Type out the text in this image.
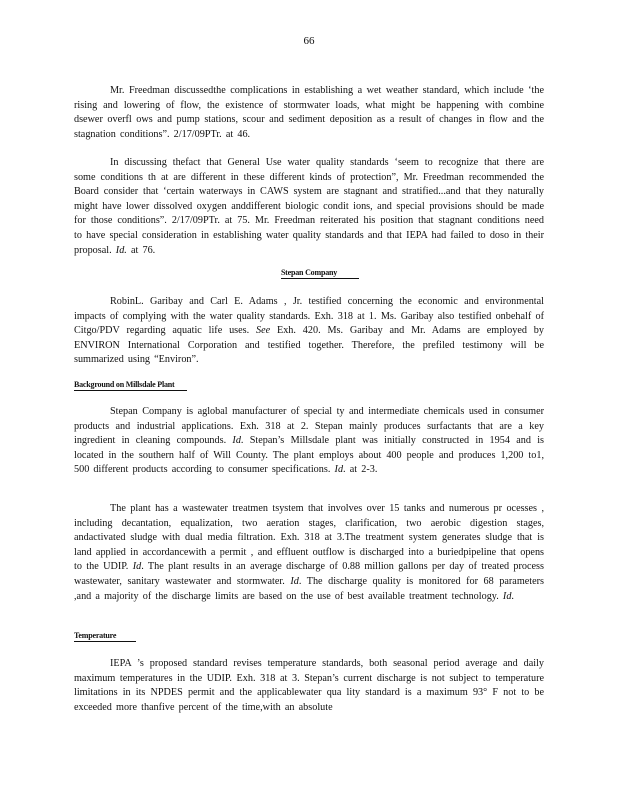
66

Mr. Freedman discussedthe complications in establishing a wet weather standard, which include ‘the rising and lowering of flow, the existence of stormwater loads, what might be happening with combine dsewer overfl ows and pump stations, scour and sediment deposition as a result of changes in flow and the stagnation conditions”. 2/17/09PTr. at 46.

In discussing thefact that General Use water quality standards ‘seem to recognize that there are some conditions th at are different in these different kinds of protection”, Mr. Freedman recommended the Board consider that ‘certain waterways in CAWS system are stagnant and stratified...and that they naturally might have lower dissolved oxygen anddifferent biologic condit ions, and special provisions should be made for those conditions”. 2/17/09PTr. at 75. Mr. Freedman reiterated his position that stagnant conditions need to have special consideration in establishing water quality standards and that IEPA had failed to doso in their proposal. Id. at 76.

Stepan Company

RobinL. Garibay and Carl E. Adams , Jr. testified concerning the economic and environmental impacts of complying with the water quality standards. Exh. 318 at 1. Ms. Garibay also testified onbehalf of Citgo/PDV regarding aquatic life uses. See Exh. 420. Ms. Garibay and Mr. Adams are employed by ENVIRON International Corporation and testified together. Therefore, the prefiled testimony will be summarized using “Environ”.

Background on Millsdale Plant

Stepan Company is aglobal manufacturer of special ty and intermediate chemicals used in consumer products and industrial applications. Exh. 318 at 2. Stepan mainly produces surfactants that are a key ingredient in cleaning compounds. Id. Stepan’s Millsdale plant was initially constructed in 1954 and is located in the southern half of Will County. The plant employs about 400 people and produces 1,200 to1, 500 different products according to consumer specifications. Id. at 2-3.

The plant has a wastewater treatmen tsystem that involves over 15 tanks and numerous pr ocesses , including decantation, equalization, two aeration stages, clarification, two aerobic digestion stages, andactivated sludge with dual media filtration. Exh. 318 at 3.The treatment system generates sludge that is land applied in accordancewith a permit , and effluent outflow is discharged into a buriedpipeline that opens to the UDIP. Id. The plant results in an average discharge of 0.88 million gallons per day of treated process wastewater, sanitary wastewater and stormwater. Id. The discharge quality is monitored for 68 parameters ,and a majority of the discharge limits are based on the use of best available treatment technology. Id.

Temperature

IEPA ’s proposed standard revises temperature standards, both seasonal period average and daily maximum temperatures in the UDIP. Exh. 318 at 3. Stepan’s current discharge is not subject to temperature limitations in its NPDES permit and the applicablewater qua lity standard is a maximum 93° F not to be exceeded more thanfive percent of the time,with an absolute
